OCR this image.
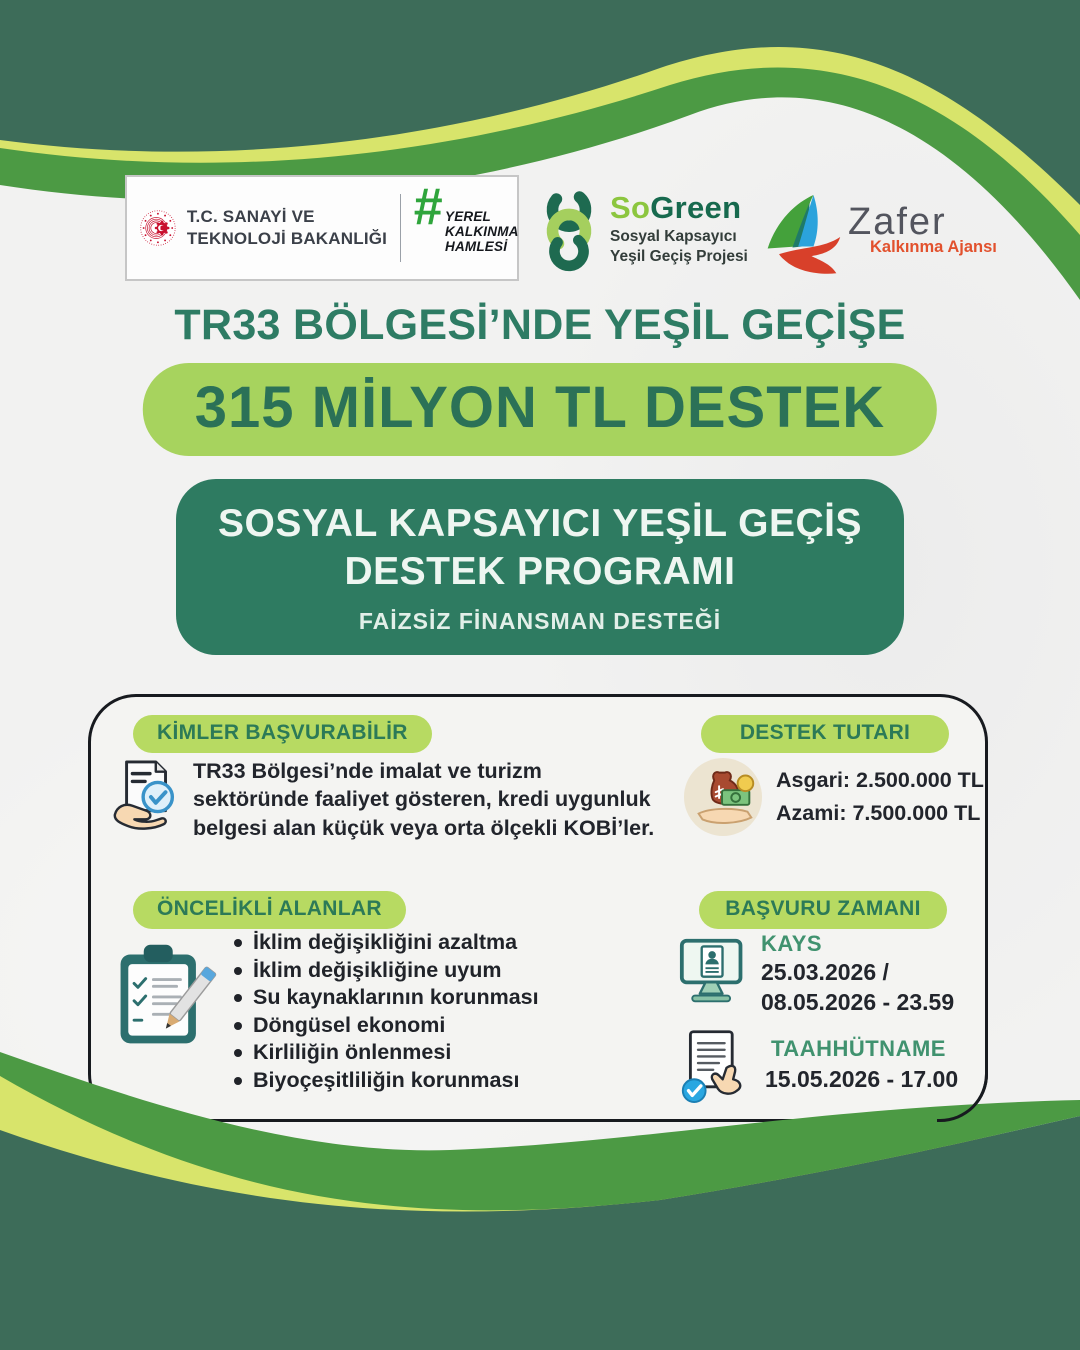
T.C. SANAYİ VE
TEKNOLOJİ BAKANLIĞI
# YEREL
KALKINMA
HAMLESİ
SoGreen
Sosyal Kapsayıcı
Yeşil Geçiş Projesi
Zafer
Kalkınma Ajansı
TR33 BÖLGESİ’NDE YEŞİL GEÇİŞE
315 MİLYON TL DESTEK
SOSYAL KAPSAYICI YEŞİL GEÇİŞ
DESTEK PROGRAMI
FAİZSİZ FİNANSMAN DESTEĞİ
KİMLER BAŞVURABİLİR
TR33 Bölgesi’nde imalat ve turizm sektöründe faaliyet gösteren, kredi uygunluk belgesi alan küçük veya orta ölçekli KOBİ’ler.
DESTEK TUTARI
Asgari: 2.500.000 TL
Azami: 7.500.000 TL
ÖNCELİKLİ ALANLAR
İklim değişikliğini azaltma
İklim değişikliğine uyum
Su kaynaklarının korunması
Döngüsel ekonomi
Kirliliğin önlenmesi
Biyoçeşitliliğin korunması
BAŞVURU ZAMANI
KAYS
25.03.2026 /
08.05.2026 - 23.59
TAAHHÜTNAME
15.05.2026 - 17.00
